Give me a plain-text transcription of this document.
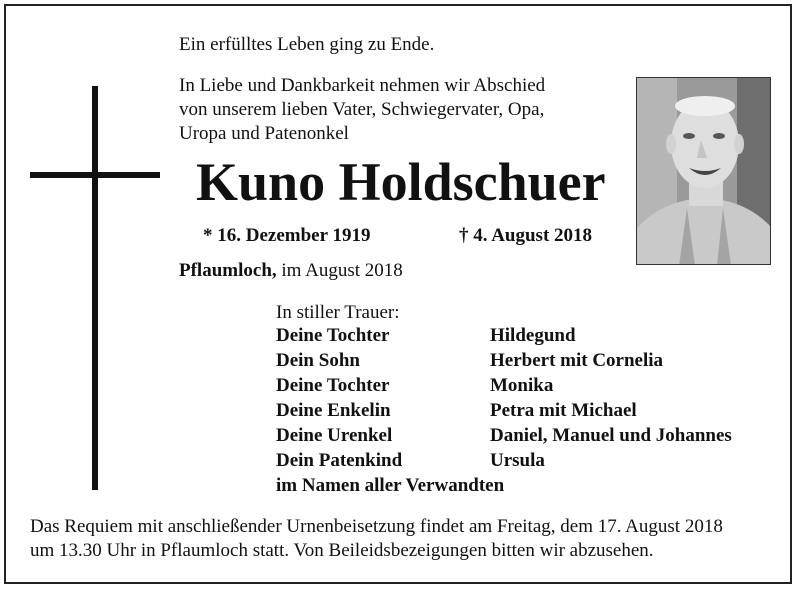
Ein erfülltes Leben ging zu Ende.
In Liebe und Dankbarkeit nehmen wir Abschied
von unserem lieben Vater, Schwiegervater, Opa,
Uropa und Patenonkel
Kuno Holdschuer
* 16. Dezember 1919	† 4. August 2018
Pflaumloch, im August 2018
In stiller Trauer:
Deine Tochter	Hildegund
Dein Sohn	Herbert mit Cornelia
Deine Tochter	Monika
Deine Enkelin	Petra mit Michael
Deine Urenkel	Daniel, Manuel und Johannes
Dein Patenkind	Ursula
im Namen aller Verwandten
Das Requiem mit anschließender Urnenbeisetzung findet am Freitag, dem 17. August 2018
um 13.30 Uhr in Pflaumloch statt. Von Beileidsbezeigungen bitten wir abzusehen.
